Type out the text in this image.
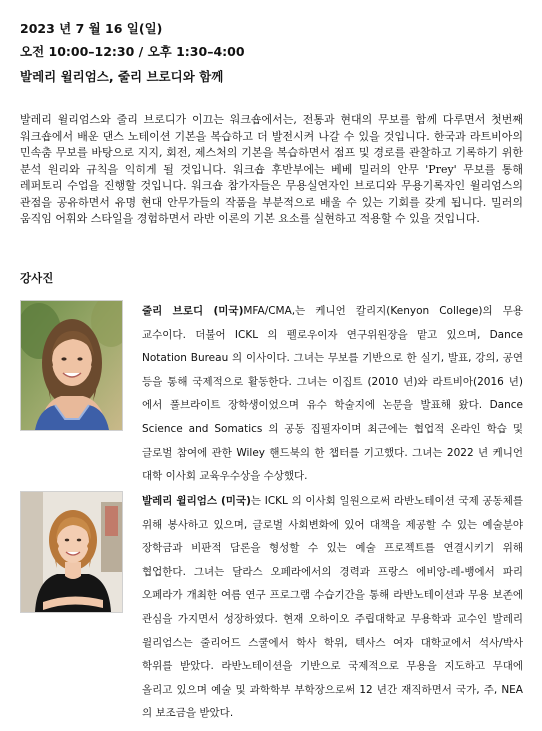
2023 년 7 월 16 일(일)
오전 10:00–12:30 / 오후 1:30–4:00
발레리 윌리엄스, 줄리 브로디와 함께
발레리 윌리엄스와 줄리 브로디가 이끄는 워크숍에서는, 전통과 현대의 무보를 함께 다루면서 첫번째 워크숍에서 배운 댄스 노테이션 기본을 복습하고 더 발전시켜 나갈 수 있을 것입니다. 한국과 라트비아의 민속춤 무보를 바탕으로 지지, 회전, 제스처의 기본을 복습하면서 점프 및 경로를 관찰하고 기록하기 위한 분석 원리와 규칙을 익히게 될 것입니다. 워크숍 후반부에는 베베 밀러의 안무 'Prey' 무보를 통해 레퍼토리 수업을 진행할 것입니다. 워크숍 참가자들은 무용실연자인 브로디와 무용기록자인 윌리엄스의 관점을 공유하면서 유명 현대 안무가들의 작품을 부분적으로 배울 수 있는 기회를 갖게 됩니다. 밀러의 움직임 어휘와 스타일을 경험하면서 라반 이론의 기본 요소를 실현하고 적용할 수 있을 것입니다.
강사진
줄리 브로디 (미국)MFA/CMA,는 케니언 칼리지(Kenyon College)의 무용 교수이다. 더불어 ICKL 의 펠로우이자 연구위원장을 맡고 있으며, Dance Notation Bureau 의 이사이다. 그녀는 무보를 기반으로 한 실기, 발표, 강의, 공연 등을 통해 국제적으로 활동한다. 그녀는 이집트 (2010 년)와 라트비아(2016 년)에서 풀브라이트 장학생이었으며 유수 학술지에 논문을 발표해 왔다. Dance Science and Somatics 의 공동 집필자이며 최근에는 협업적 온라인 학습 및 글로벌 참여에 관한 Wiley 핸드북의 한 챕터를 기고했다. 그녀는 2022 년 케니언 대학 이사회 교육우수상을 수상했다.
발레리 윌리엄스 (미국)는 ICKL 의 이사회 일원으로써 라반노테이션 국제 공동체를 위해 봉사하고 있으며, 글로벌 사회변화에 있어 대책을 제공할 수 있는 예술분야 장학금과 비판적 담론을 형성할 수 있는 예술 프로젝트를 연결시키기 위해 협업한다. 그녀는 달라스 오페라에서의 경력과 프랑스 에비앙-레-뱅에서 파리 오페라가 개최한 여름 연구 프로그램 수습기간을 통해 라반노테이션과 무용 보존에 관심을 가지면서 성장하였다. 현재 오하이오 주립대학교 무용학과 교수인 발레리 윌리엄스는 줄리어드 스쿨에서 학사 학위, 텍사스 여자 대학교에서 석사/박사 학위를 받았다. 라반노테이션을 기반으로 국제적으로 무용을 지도하고 무대에 올리고 있으며 예술 및 과학학부 부학장으로써 12 년간 재직하면서 국가, 주, NEA 의 보조금을 받았다.
